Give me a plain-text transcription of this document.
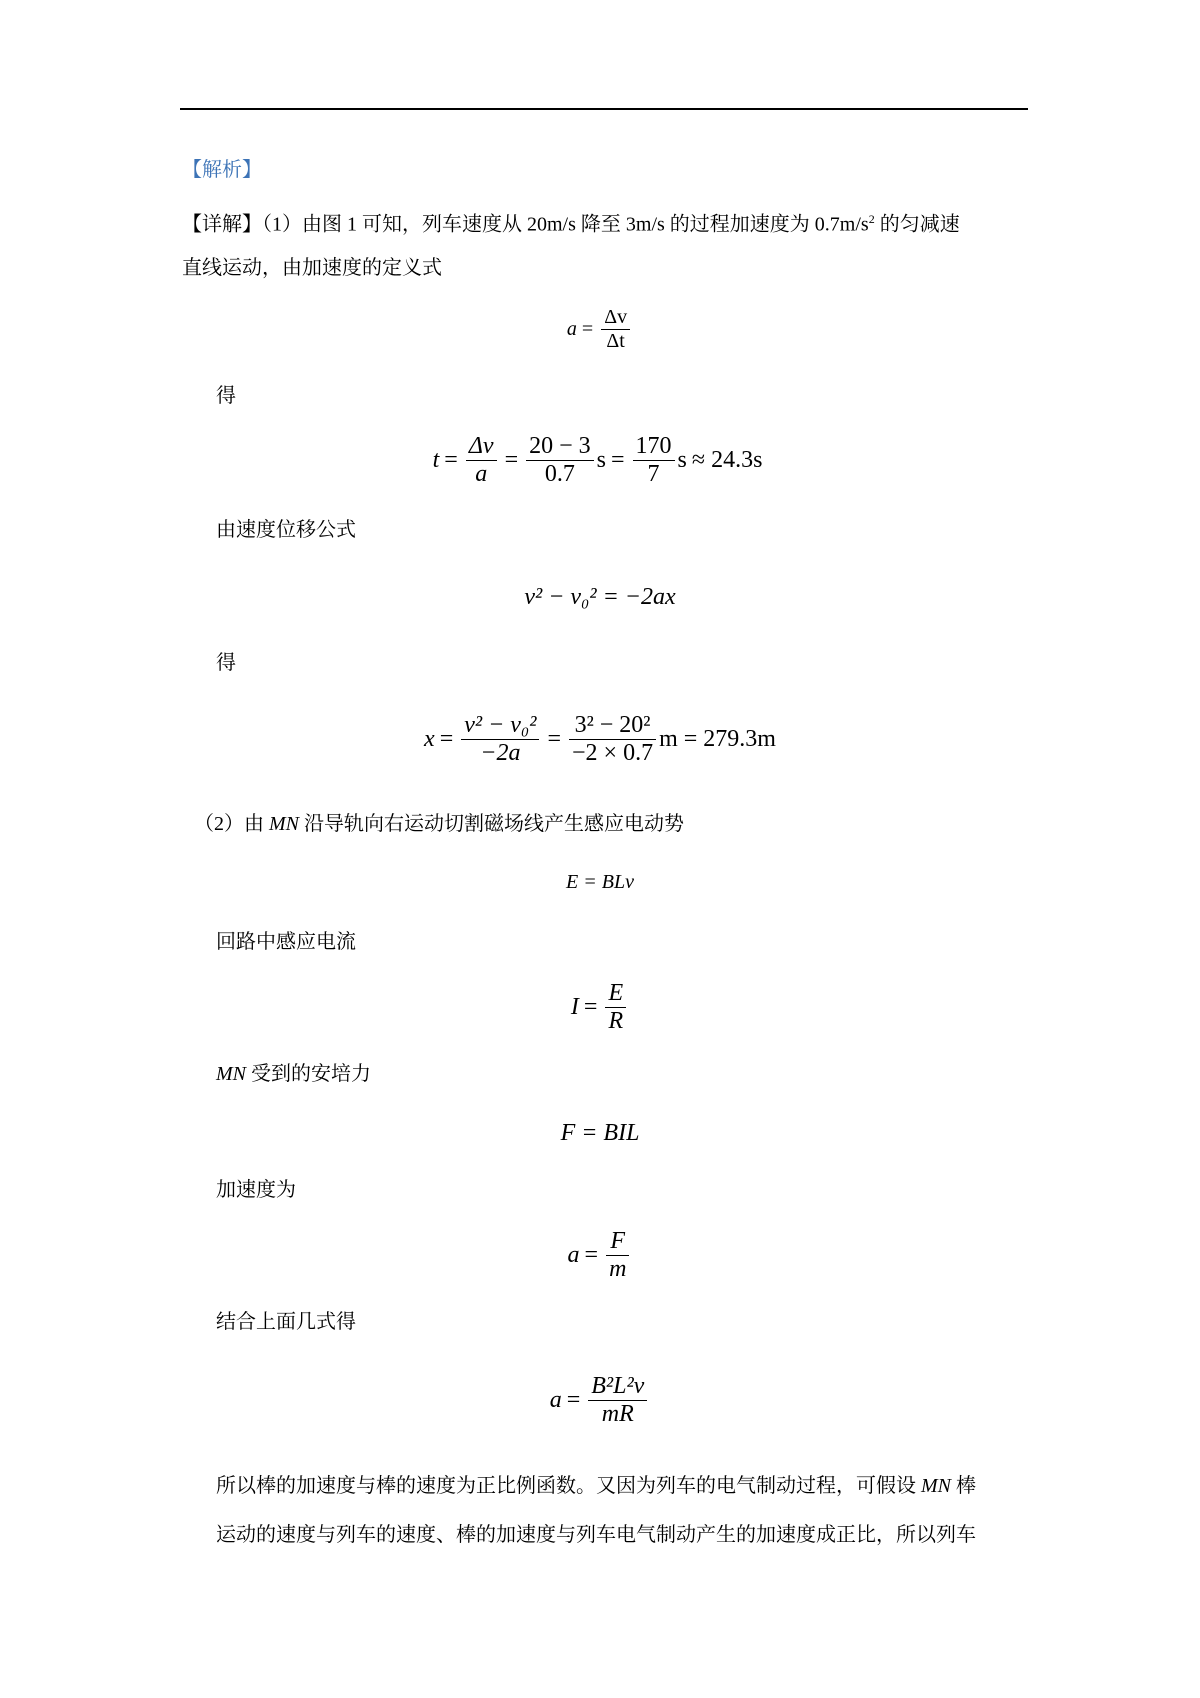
【解析】
【详解】（1）由图 1 可知，列车速度从 20m/s 降至 3m/s 的过程加速度为 $0.7m/s^2$ 的匀减速
直线运动，由加速度的定义式
$a = \frac{\Delta v}{\Delta t}$
得
$t = \frac{\Delta v}{a} = \frac{20 - 3}{0.7}$ $s = \frac{170}{7}$ s ≈ 24.3s
由速度位移公式
v² − v₀² = −2ax
得
$x = \frac{\text{v² − v₀²}}{-2a} = \frac{\text{3² − 20²}}{-2 \times 0.7}$ m = 279.3m
（2）由 MN 沿导轨向右运动切割磁场线产生感应电动势
E = BLv
回路中感应电流
$I = \frac{E}{R}$
MN 受到的安培力
F = BIL
加速度为
$a = \frac{F}{m}$
结合上面几式得
$a = \frac{\text{B²L²v}}{mR}$
所以棒的加速度与棒的速度为正比例函数。又因为列车的电气制动过程，可假设 MN 棒
运动的速度与列车的速度、棒的加速度与列车电气制动产生的加速度成正比，所以列车
